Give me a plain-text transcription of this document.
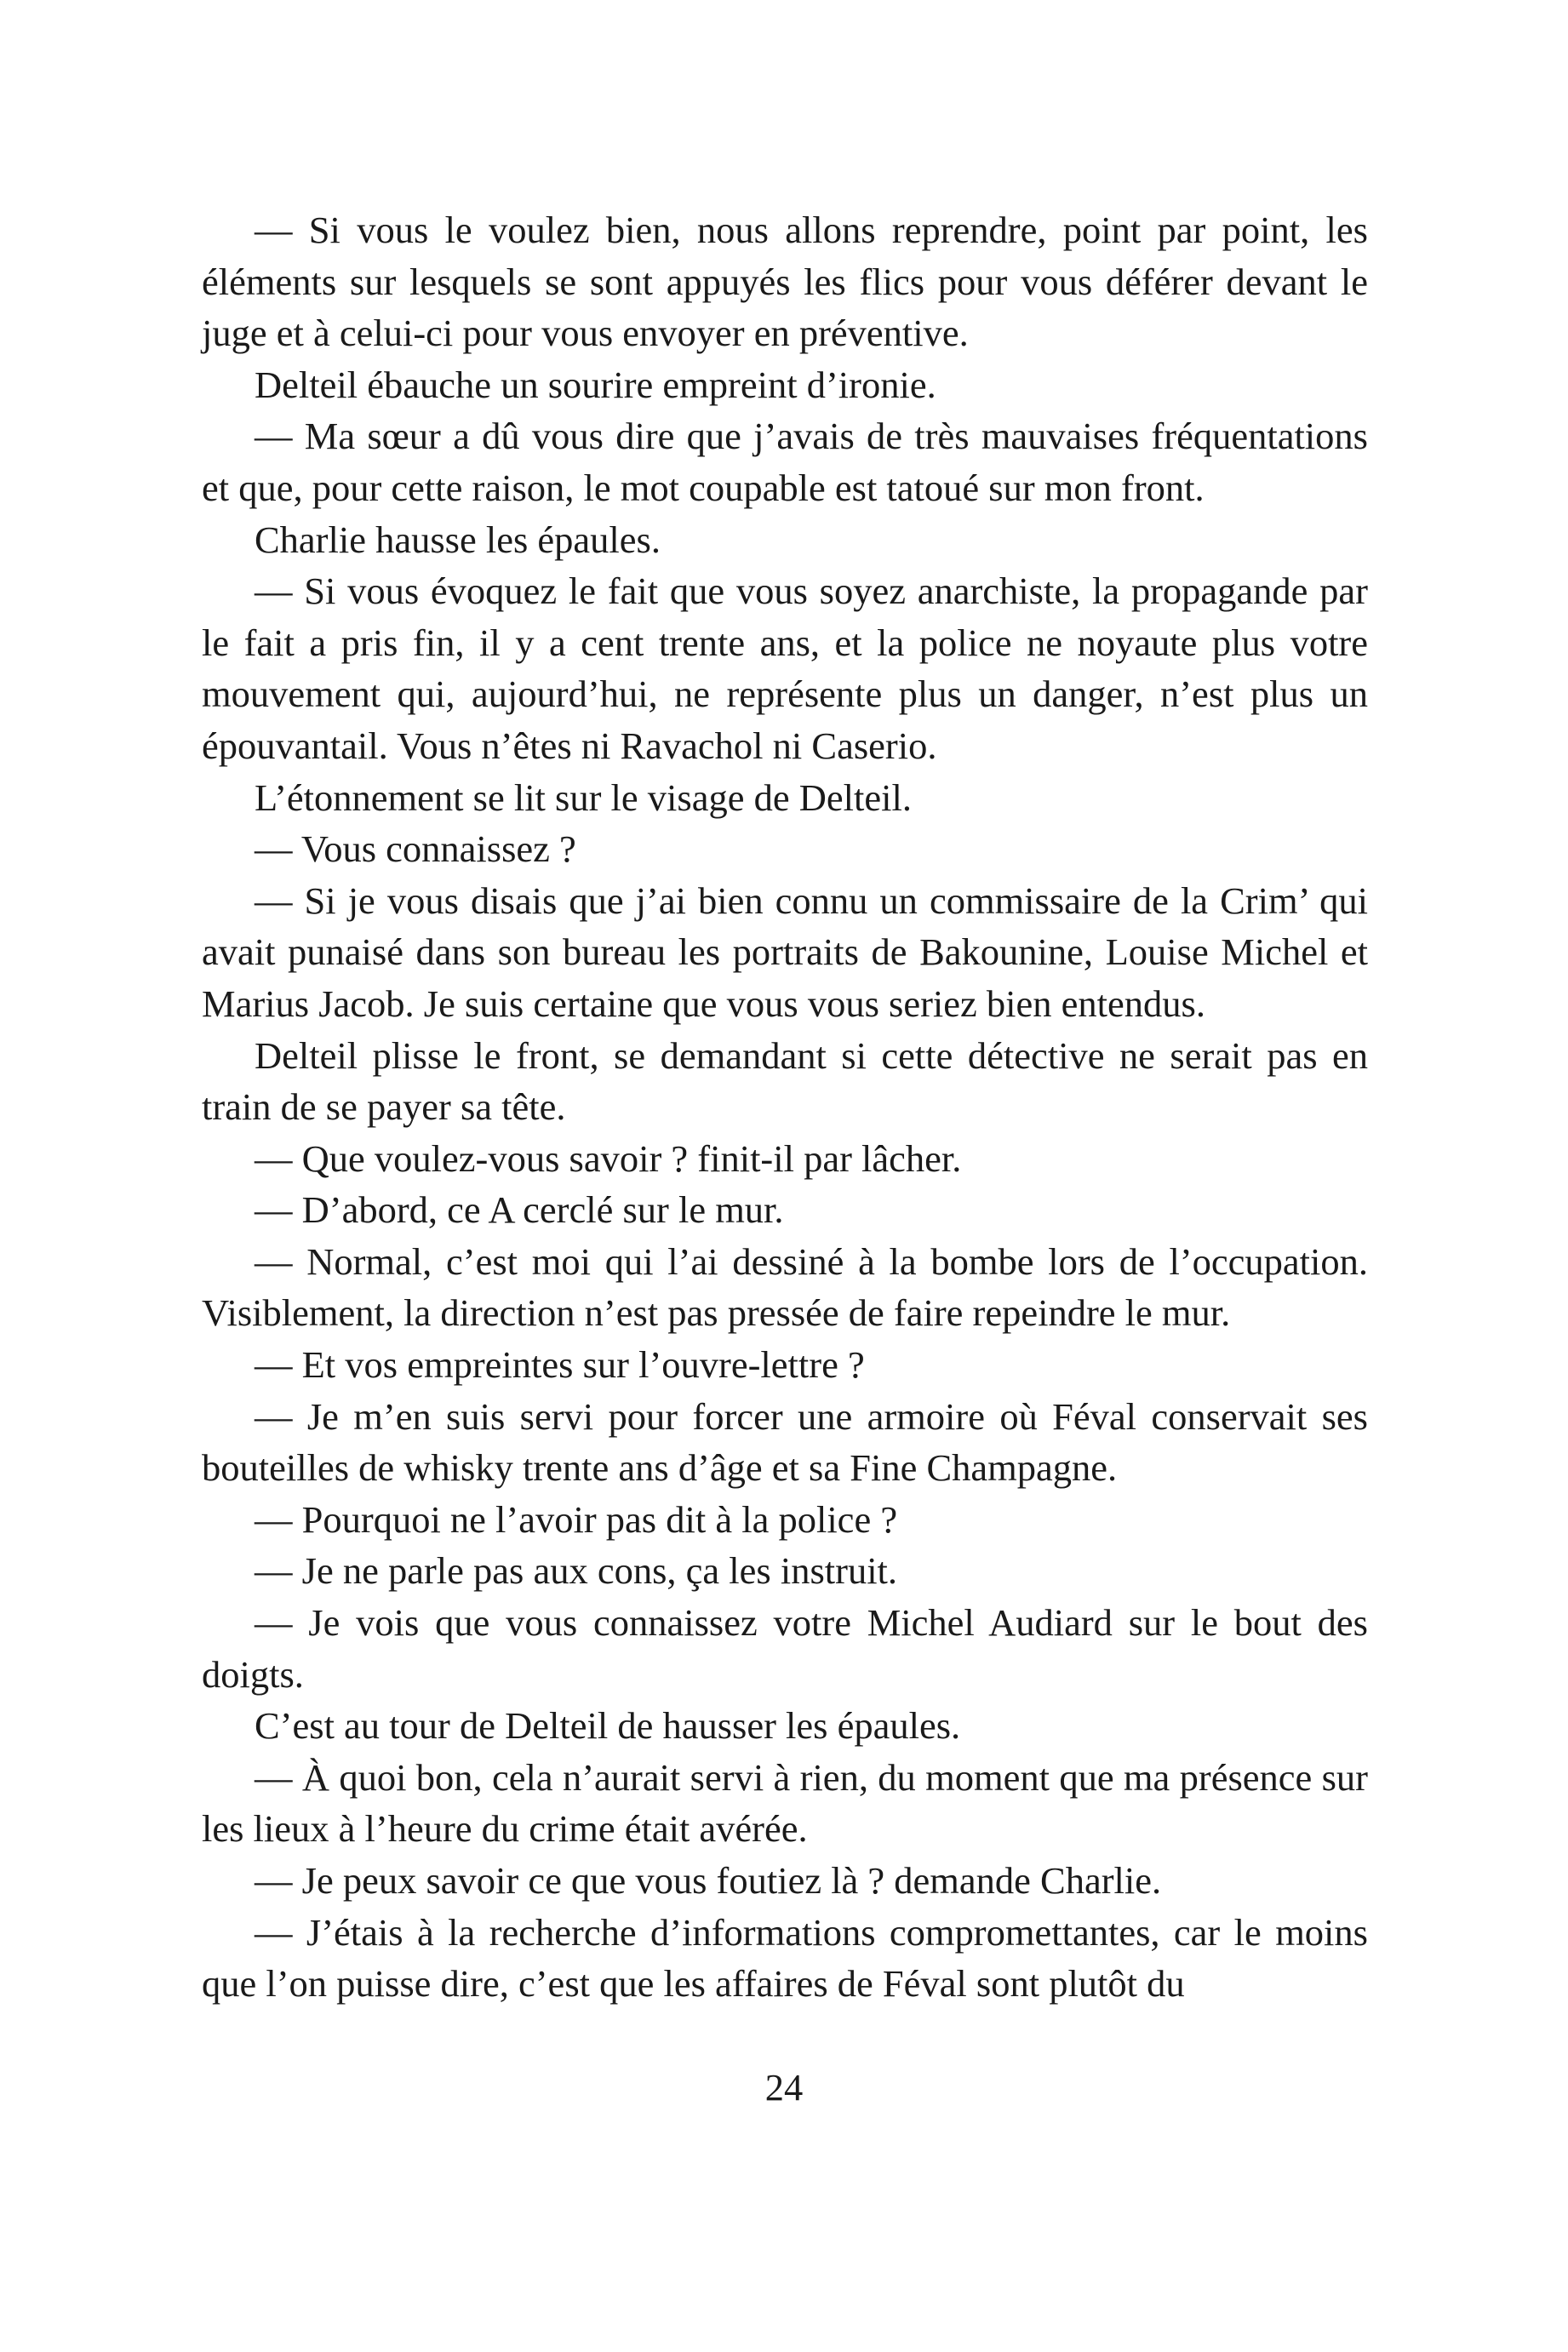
— Si vous le voulez bien, nous allons reprendre, point par point, les éléments sur lesquels se sont appuyés les flics pour vous déférer devant le juge et à celui-ci pour vous envoyer en préventive.

Delteil ébauche un sourire empreint d’ironie.

— Ma sœur a dû vous dire que j’avais de très mauvaises fréquentations et que, pour cette raison, le mot coupable est tatoué sur mon front.

Charlie hausse les épaules.

— Si vous évoquez le fait que vous soyez anarchiste, la propagande par le fait a pris fin, il y a cent trente ans, et la police ne noyaute plus votre mouvement qui, aujourd’hui, ne représente plus un danger, n’est plus un épouvantail. Vous n’êtes ni Ravachol ni Caserio.

L’étonnement se lit sur le visage de Delteil.

— Vous connaissez ?

— Si je vous disais que j’ai bien connu un commissaire de la Crim’ qui avait punaisé dans son bureau les portraits de Bakounine, Louise Michel et Marius Jacob. Je suis certaine que vous vous seriez bien entendus.

Delteil plisse le front, se demandant si cette détective ne serait pas en train de se payer sa tête.

— Que voulez-vous savoir ? finit-il par lâcher.

— D’abord, ce A cerclé sur le mur.

— Normal, c’est moi qui l’ai dessiné à la bombe lors de l’occupation. Visiblement, la direction n’est pas pressée de faire repeindre le mur.

— Et vos empreintes sur l’ouvre-lettre ?

— Je m’en suis servi pour forcer une armoire où Féval conservait ses bouteilles de whisky trente ans d’âge et sa Fine Champagne.

— Pourquoi ne l’avoir pas dit à la police ?

— Je ne parle pas aux cons, ça les instruit.

— Je vois que vous connaissez votre Michel Audiard sur le bout des doigts.

C’est au tour de Delteil de hausser les épaules.

— À quoi bon, cela n’aurait servi à rien, du moment que ma présence sur les lieux à l’heure du crime était avérée.

— Je peux savoir ce que vous foutiez là ? demande Charlie.

— J’étais à la recherche d’informations compromettantes, car le moins que l’on puisse dire, c’est que les affaires de Féval sont plutôt du

24
